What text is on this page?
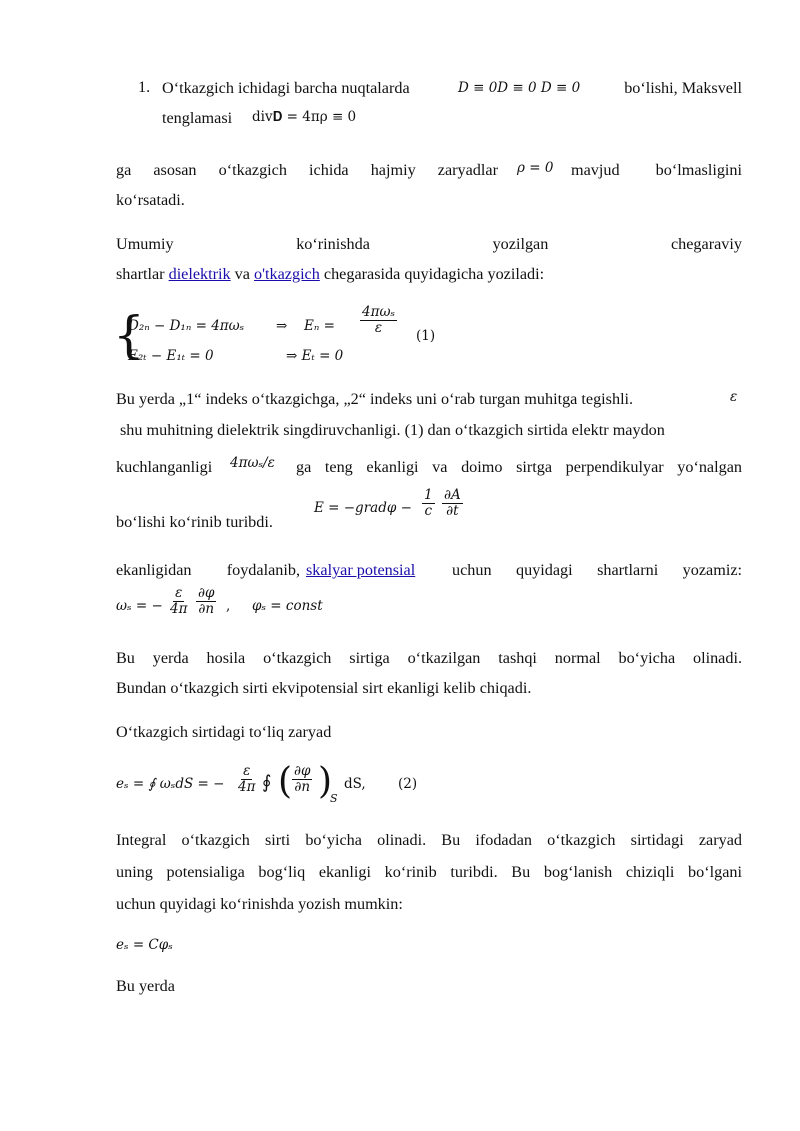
1. O‘tkazgich ichidagi barcha nuqtalarda	D ≡ 0D ≡ 0 D ≡ 0	bo‘lishi, Maksvell
tenglamasi	div𝐃 = 4πρ ≡ 0
ga asosan o‘tkazgich ichida hajmiy zaryadlar ρ = 0 mavjud bo‘lmasligini
ko‘rsatadi.
Umumiy	ko‘rinishda	yozilgan	chegaraviy
shartlar dielektrik va o'tkazgich chegarasida quyidagicha yoziladi:
{
D₂ₙ − D₁ₙ = 4πωₛ ⇒ Eₙ =
4πωₛ
ε	(1)
E₂ₜ − E₁ₜ = 0	⇒ Eₜ = 0
Bu yerda „1“ indeks o‘tkazgichga, „2“ indeks uni o‘rab turgan muhitga tegishli.	ε
shu muhitning dielektrik singdiruvchanligi. (1) dan o‘tkazgich sirtida elektr maydon
kuchlanganligi	4πωₛ/ε ga teng ekanligi va doimo sirtga perpendikulyar yo‘nalgan
bo‘lishi ko‘rinib turibdi.
E = −gradφ − $\frac{1}{c} \frac{\partial A}{\partial t}$
ekanligidan foydalanib, skalyar potensial	uchun quyidagi shartlarni yozamiz:
ωₛ = − $\frac{\varepsilon}{4\pi} \frac{\partial\varphi}{\partial n}$ , φₛ = const
Bu yerda hosila o‘tkazgich sirtiga o‘tkazilgan tashqi normal bo‘yicha olinadi.
Bundan o‘tkazgich sirti ekvipotensial sirt ekanligi kelib chiqadi.
O‘tkazgich sirtidagi to‘liq zaryad
eₛ = ∮ ωₛdS = − $\frac{\varepsilon}{4\pi}$ ∮ ( $\frac{\partial\varphi}{\partial n}$ )
S
dS, (2)
Integral o‘tkazgich sirti bo‘yicha olinadi. Bu ifodadan o‘tkazgich sirtidagi zaryad
uning potensialiga bog‘liq ekanligi ko‘rinib turibdi. Bu bog‘lanish chiziqli bo‘lgani
uchun quyidagi ko‘rinishda yozish mumkin:
eₛ = Cφₛ
Bu yerda
